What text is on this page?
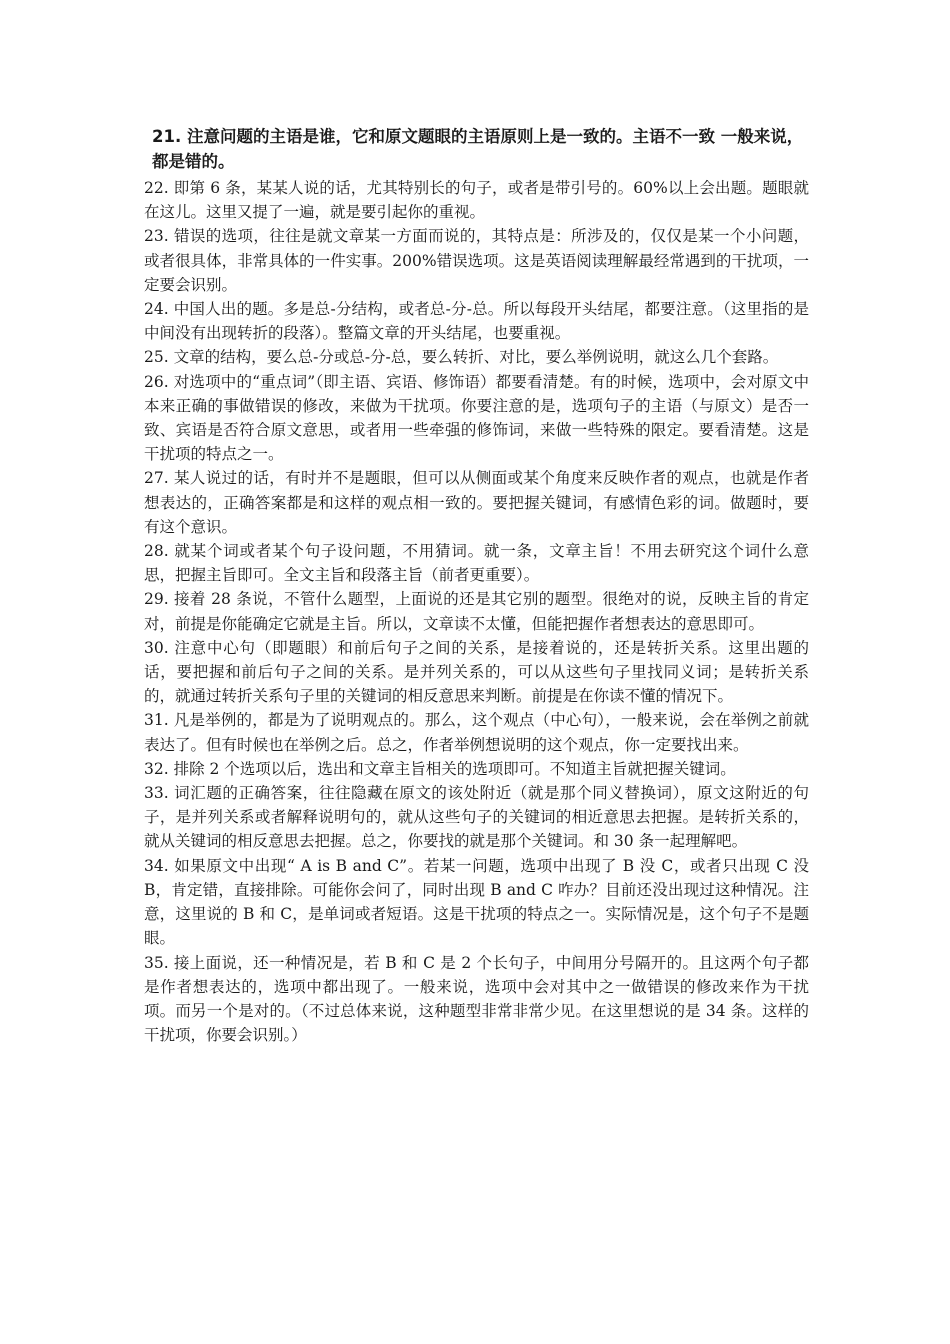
21. 注意问题的主语是谁，它和原文题眼的主语原则上是一致的。主语不一致 一般来说，都是错的。

22. 即第 6 条，某某人说的话，尤其特别长的句子，或者是带引号的。60%以上会出题。题眼就在这儿。这里又提了一遍，就是要引起你的重视。

23. 错误的选项，往往是就文章某一方面而说的，其特点是：所涉及的，仅仅是某一个小问题，或者很具体，非常具体的一件实事。200%错误选项。这是英语阅读理解最经常遇到的干扰项，一定要会识别。

24. 中国人出的题。多是总-分结构，或者总-分-总。所以每段开头结尾，都要注意。（这里指的是中间没有出现转折的段落）。整篇文章的开头结尾，也要重视。

25. 文章的结构，要么总-分或总-分-总，要么转折、对比，要么举例说明，就这么几个套路。

26. 对选项中的“重点词”（即主语、宾语、修饰语）都要看清楚。有的时候，选项中，会对原文中本来正确的事做错误的修改，来做为干扰项。你要注意的是，选项句子的主语（与原文）是否一致、宾语是否符合原文意思，或者用一些牵强的修饰词，来做一些特殊的限定。要看清楚。这是干扰项的特点之一。

27. 某人说过的话，有时并不是题眼，但可以从侧面或某个角度来反映作者的观点，也就是作者想表达的，正确答案都是和这样的观点相一致的。要把握关键词，有感情色彩的词。做题时，要有这个意识。

28. 就某个词或者某个句子设问题，不用猜词。就一条，文章主旨！不用去研究这个词什么意思，把握主旨即可。全文主旨和段落主旨（前者更重要）。

29. 接着 28 条说，不管什么题型，上面说的还是其它别的题型。很绝对的说，反映主旨的肯定对，前提是你能确定它就是主旨。所以，文章读不太懂，但能把握作者想表达的意思即可。

30. 注意中心句（即题眼）和前后句子之间的关系，是接着说的，还是转折关系。这里出题的话，要把握和前后句子之间的关系。是并列关系的，可以从这些句子里找同义词；是转折关系的，就通过转折关系句子里的关键词的相反意思来判断。前提是在你读不懂的情况下。

31. 凡是举例的，都是为了说明观点的。那么，这个观点（中心句），一般来说，会在举例之前就表达了。但有时候也在举例之后。总之，作者举例想说明的这个观点，你一定要找出来。

32. 排除 2 个选项以后，选出和文章主旨相关的选项即可。不知道主旨就把握关键词。

33. 词汇题的正确答案，往往隐藏在原文的该处附近（就是那个同义替换词），原文这附近的句子，是并列关系或者解释说明句的，就从这些句子的关键词的相近意思去把握。是转折关系的，就从关键词的相反意思去把握。总之，你要找的就是那个关键词。和 30 条一起理解吧。

34. 如果原文中出现“ A is B and C”。若某一问题，选项中出现了 B 没 C，或者只出现 C 没 B，肯定错，直接排除。可能你会问了，同时出现 B and C 咋办？目前还没出现过这种情况。注意，这里说的 B 和 C，是单词或者短语。这是干扰项的特点之一。实际情况是，这个句子不是题眼。

35. 接上面说，还一种情况是，若 B 和 C 是 2 个长句子，中间用分号隔开的。且这两个句子都是作者想表达的，选项中都出现了。一般来说，选项中会对其中之一做错误的修改来作为干扰项。而另一个是对的。（不过总体来说，这种题型非常非常少见。在这里想说的是 34 条。这样的干扰项，你要会识别。）
